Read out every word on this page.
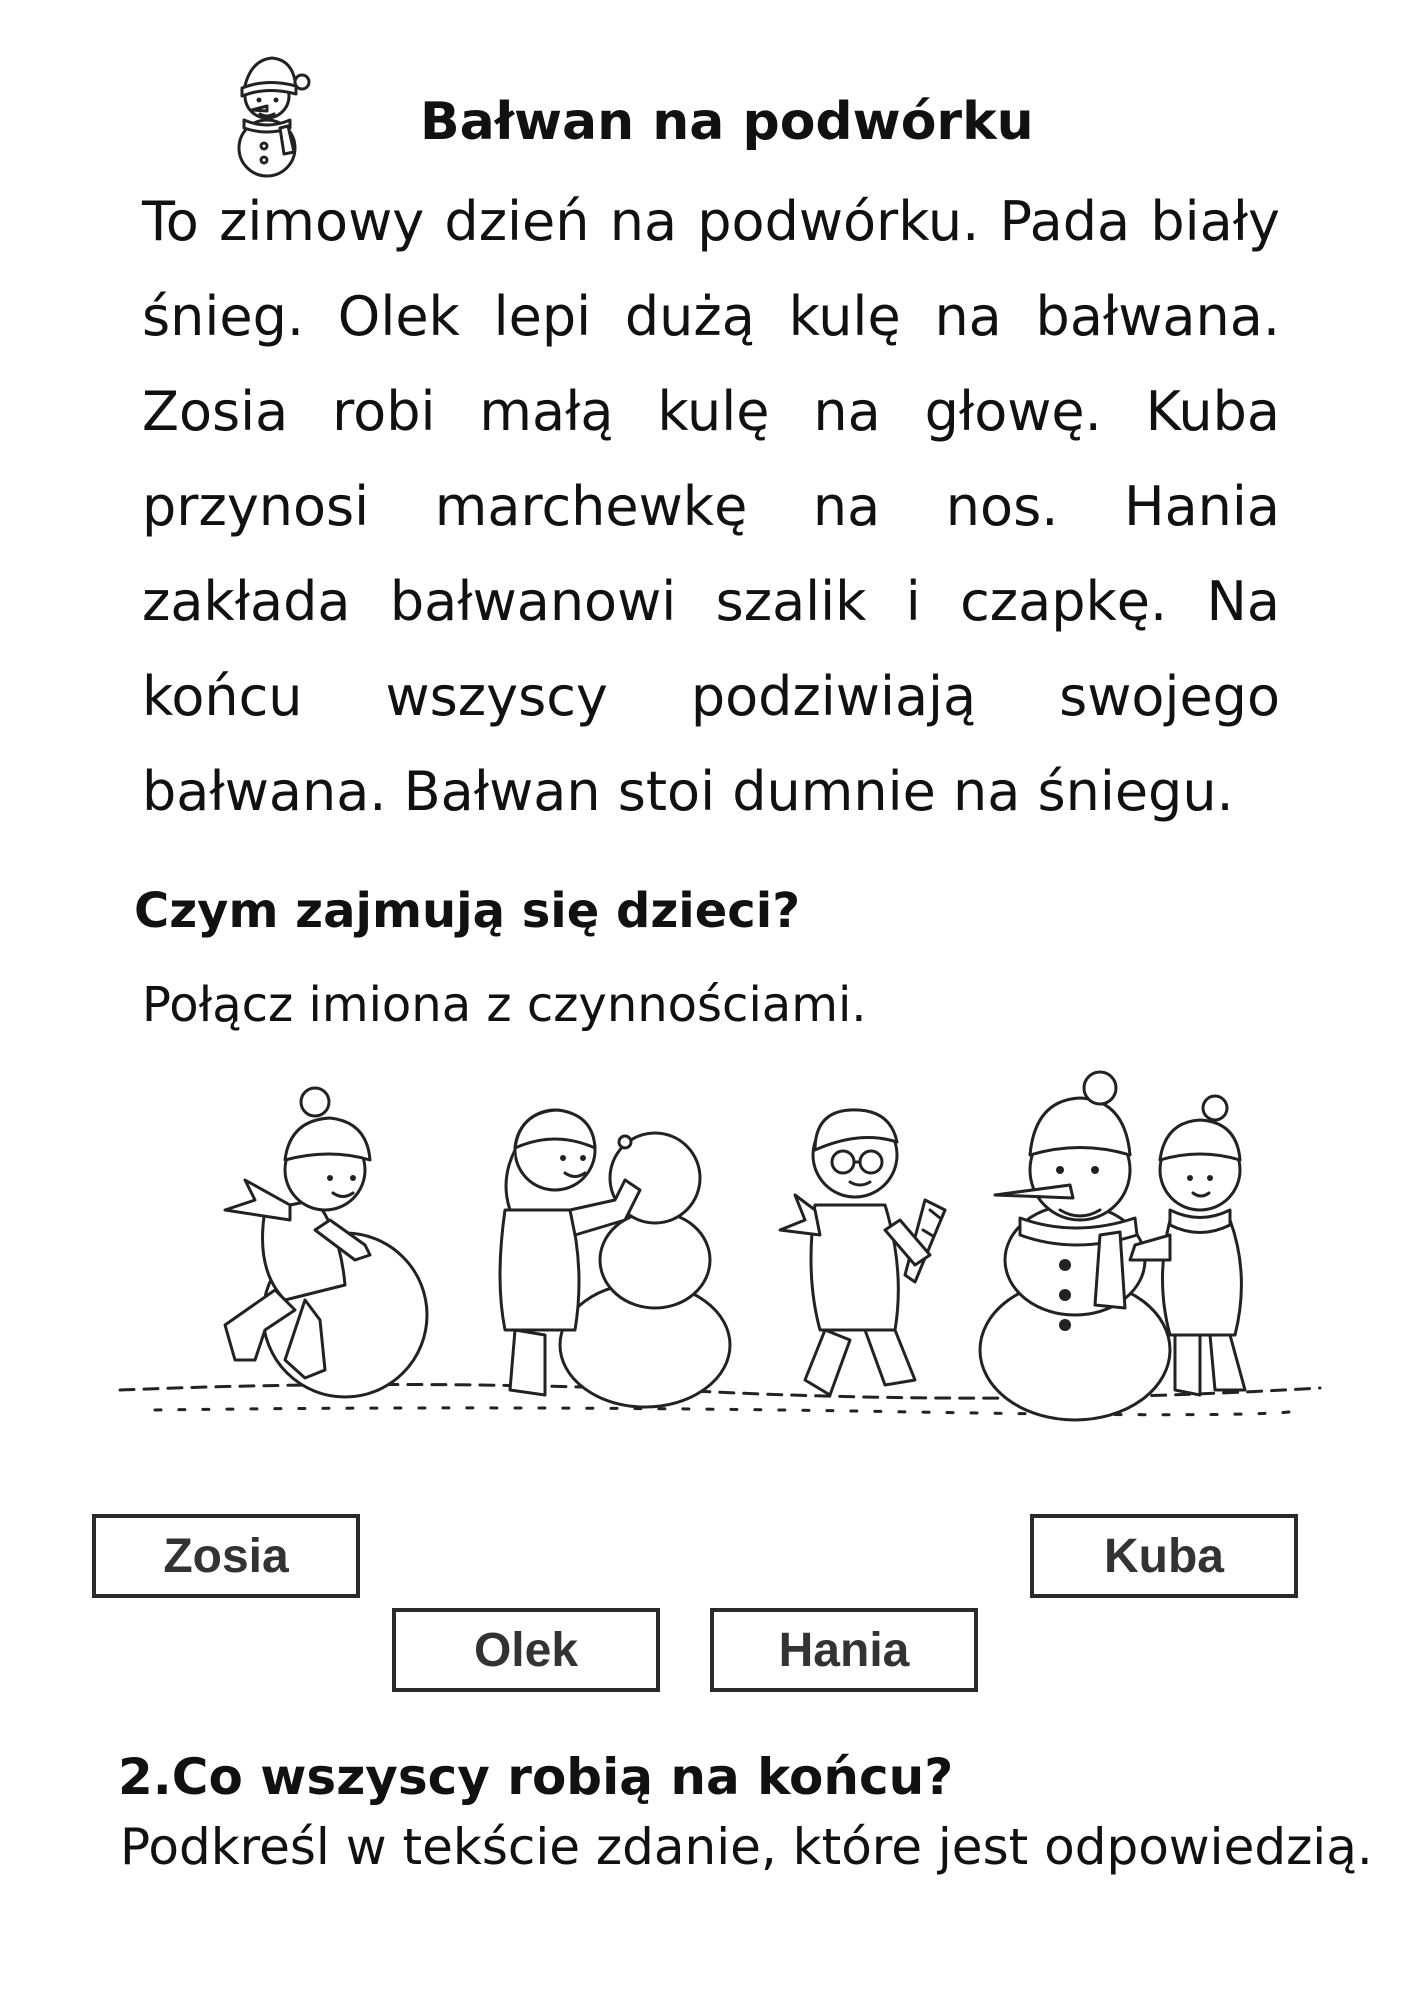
Bałwan na podwórku

To zimowy dzień na podwórku. Pada biały śnieg. Olek lepi dużą kulę na bałwana. Zosia robi małą kulę na głowę. Kuba przynosi marchewkę na nos. Hania zakłada bałwanowi szalik i czapkę. Na końcu wszyscy podziwiają swojego bałwana. Bałwan stoi dumnie na śniegu.

Czym zajmują się dzieci?
Połącz imiona z czynnościami.
Zosia	Kuba
Olek	Hania
2.Co wszyscy robią na końcu?
Podkreśl w tekście zdanie, które jest odpowiedzią.
